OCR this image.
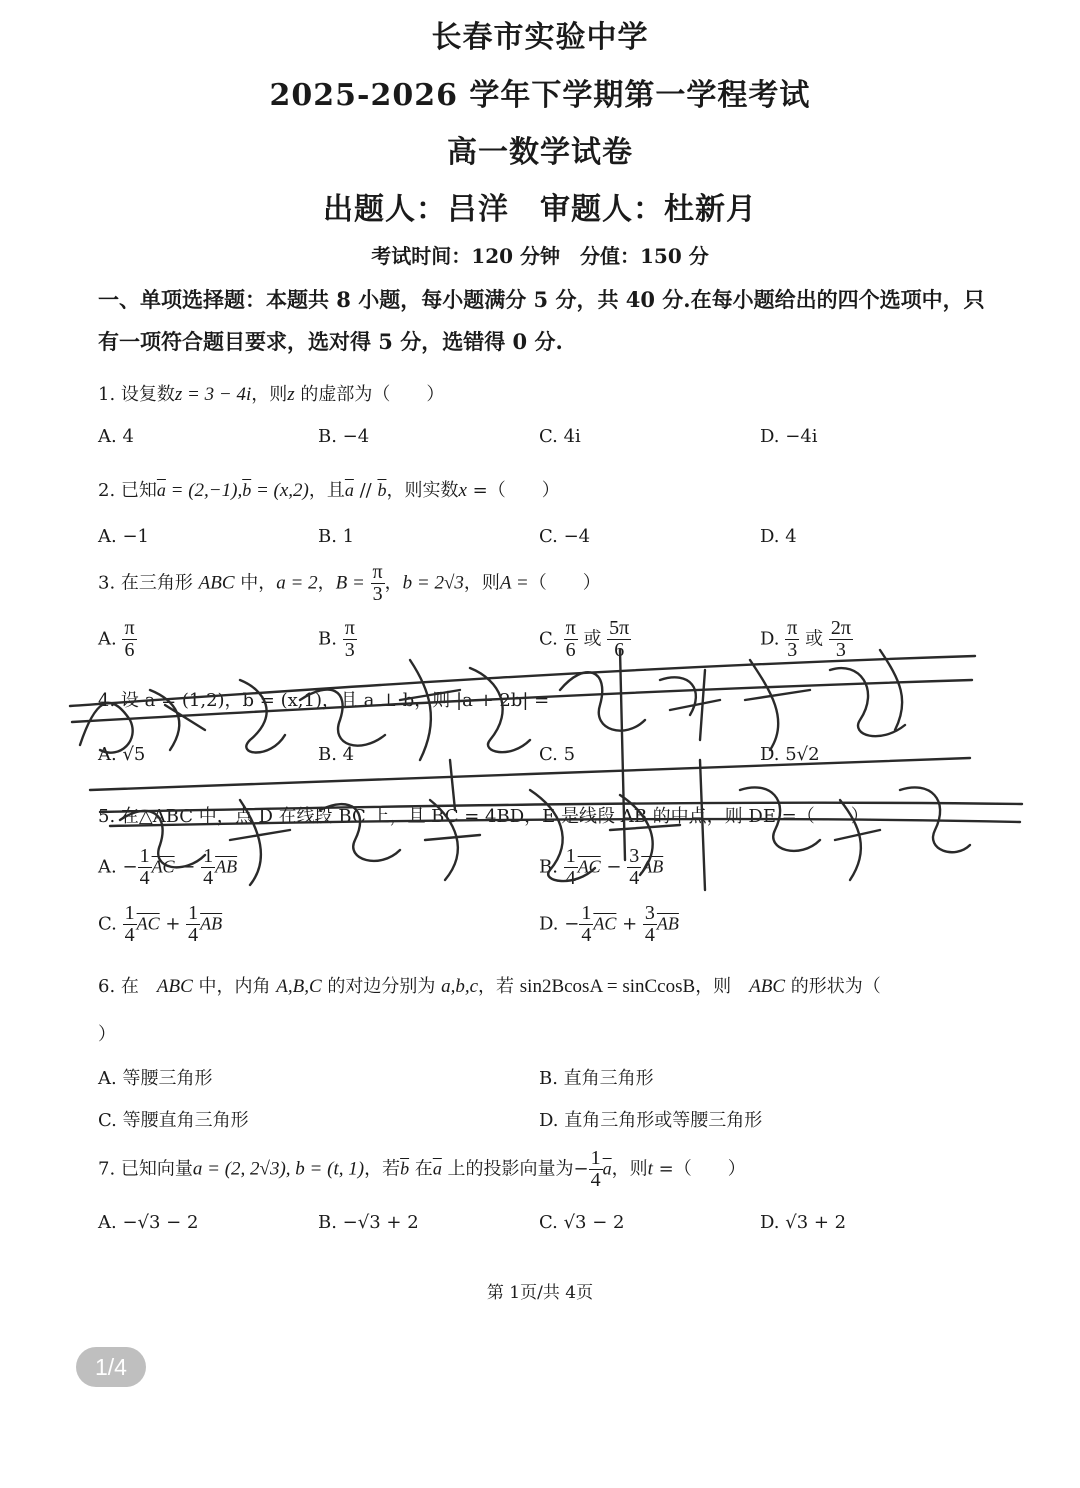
长春市实验中学
2025-2026 学年下学期第一学程考试
高一数学试卷
出题人：吕洋　审题人：杜新月
考试时间：120 分钟　分值：150 分
一、单项选择题：本题共 8 小题，每小题满分 5 分，共 40 分.在每小题给出的四个选项中，只
有一项符合题目要求，选对得 5 分，选错得 0 分.
1. 设复数z = 3 − 4i，则z 的虚部为（　　）
A. 4	B. −4	C. 4i	D. −4i
2. 已知$\overline{a} = (2,-1),\overline{b} = (x,2)$，且$\overline{a} // \overline{b}$，则实数x =（　　）
A. −1	B. 1	C. −4	D. 4
3. 在三角形 ABC 中，a = 2，$B = \frac{\pi}{3}$ ，b = 2√3，则A =（　　）
A. $\frac{\pi}{6}$	B. $\frac{\pi}{3}$	C. $\frac{\pi}{6}$ 或 $\frac{5\pi}{6}$	D. $\frac{\pi}{3}$ 或 $\frac{2\pi}{3}$
4. 设 a = (1,2)，b = (x,1)，且 a ⊥ b，则 |a + 2b| =
A. √5	B. 4	C. 5	D. 5√2
5. 在△ABC 中，点 D 在线段 BC 上，且 BC = 4BD，E 是线段 AB 的中点，则 DE =（　　）
A. − $\frac{1}{4} \overline{AC} - \frac{1}{4} \overline{AB}$	B. $\frac{1}{4} \overline{AC} - \frac{3}{4} \overline{AB}$
C. $\frac{1}{4} \overline{AC} + \frac{1}{4} \overline{AB}$	D. − $\frac{1}{4} \overline{AC} + \frac{3}{4} \overline{AB}$
6. 在　ABC 中，内角 A,B,C 的对边分别为 a,b,c，若 sin2BcosA = sinCcosB，则　ABC 的形状为（
）
A. 等腰三角形	B. 直角三角形
C. 等腰直角三角形	D. 直角三角形或等腰三角形
7. 已知向量a = (2, 2√3), b = (t, 1)，若$\overline{b}$ 在$\overline{a}$ 上的投影向量为− $\frac{1}{4} \overline{a}$，则t =（　　）
A. −√3 − 2	B. −√3 + 2	C. √3 − 2	D. √3 + 2
第 1页/共 4页
1/4
答案尽在师研解题微信公众号 · 神秘数学
